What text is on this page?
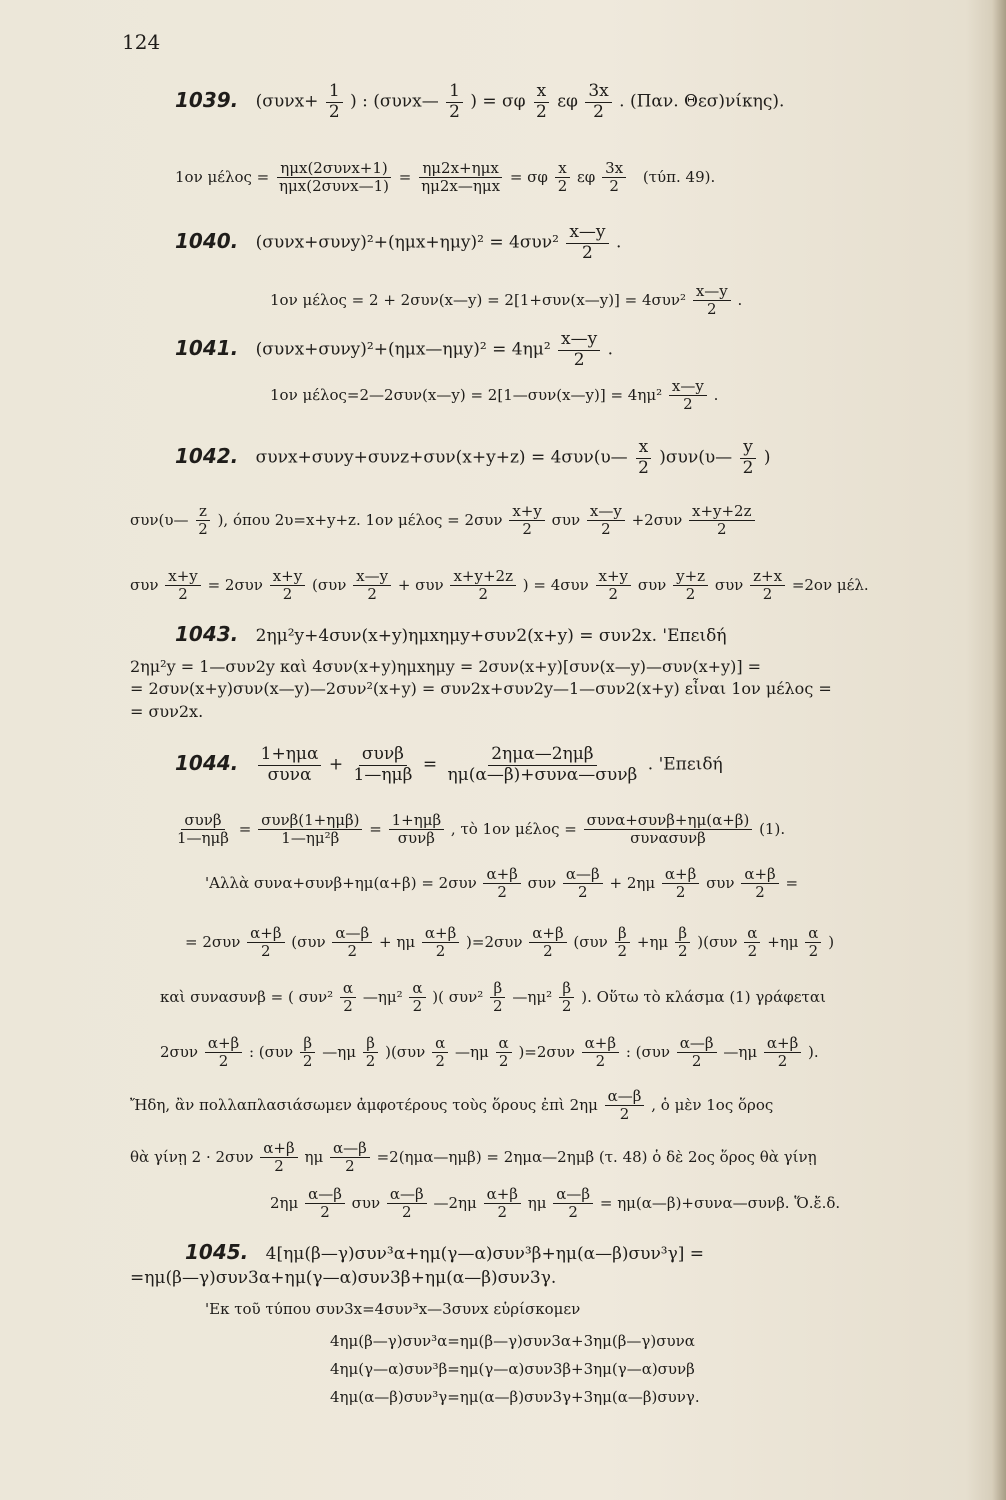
124
1039. ($\sigma\upsilon\nu x+ \frac{1}{2}$ ) : (συνx— $\frac{1}{2}$ ) = σφ $\frac{x}{2}$ εφ $\frac{3x}{2}$ . (Παν. Θεσ)νίκης).
1ον $\mu έ\lambda o\varsigma = \frac{\text{ημx(2συνx+1)}}{\text{ημx(2συνx—1)}} = \frac{\text{ημ2x+ημx}}{\text{ημ2x—ημx}} = \sigma\varphi \frac{x}{2}$ εφ $\frac{3x}{2} (\tau ύ\pi$. 49).
1040. $(\sigma\upsilon\nu x+\sigma\upsilon\nu y)^2+(\eta\mu x+\eta\mu y)^2 = 4\sigma\upsilon\nu^2 \frac{x—y}{2}$ .
1ον μέλος = 2 + 2συν(x—y) = 2[1+συν(x—y)] = $4\sigma\upsilon\nu^2 \frac{x—y}{2}$ .
1041. (συνx+συνy)²+(ημx—ημy)² = $4\eta\mu^2 \frac{x—y}{2}$ .
1ον μέλος=2—2συν(x—y) = 2[1—συν(x—y)] = $4\eta\mu^2 \frac{x—y}{2}$ .
1042. συνx+συνy+συνz+συν(x+y+z) = 4συν(υ— $\frac{x}{2}$ )συν(υ— $\frac{y}{2}$ )
συν(υ— $\frac{z}{2}$ ), όπου 2υ=x+y+z. 1ον $\mu έ\lambda o\varsigma = 2\sigma\upsilon\nu \frac{x+y}{2}$ συν $\frac{x—y}{2} +2\sigma\upsilon\nu \frac{x+y+2z}{2}$
συν $\frac{x+y}{2} = 2\sigma\upsilon\nu \frac{x+y}{2} (\sigma\upsilon\nu \frac{x—y}{2} + \sigma\upsilon\nu \frac{x+y+2z}{2}$ ) = $4\sigma\upsilon\nu \frac{x+y}{2}$ συν $\frac{y+z}{2}$ συν $\frac{z+x}{2} =2o\nu$ μέλ.
1043. 2ημ²y+4συν(x+y)ημxημy+συν2(x+y) = συν2x. 'Επειδή
2ημ²y = 1—συν2y καὶ 4συν(x+y)ημxημy = 2συν(x+y)[συν(x—y)—συν(x+y)] =
= 2συν(x+y)συν(x—y)—2συν²(x+y) = συν2x+συν2y—1—συν2(x+y) εἶναι 1ον μέλος =
= συν2x.
1044. $\frac{\text{1+ημα}}{\text{συνα}} + \frac{\text{συνβ}}{\text{1—ημβ}} = \frac{\text{2ημα—2ημβ}}{\text{ημ(α—β)+συνα—συνβ}}$ . 'Επειδή
$\frac{\text{συνβ}}{\text{1—ημβ}} = \frac{\text{συνβ(1+ημβ)}}{\text{1—ημ²β}} = \frac{\text{1+ημβ}}{\text{συνβ}}$ , τὸ 1ον $\mu έ\lambda o\varsigma = \frac{\text{συνα+συνβ+ημ(α+β)}}{\text{συνασυνβ}} (1)$.
'Αλλὰ $\sigma\upsilon\nu\alpha+\sigma\upsilon\nu\beta+\eta\mu(\alpha+\beta) = 2\sigma\upsilon\nu \frac{\alpha+\beta}{2}$ συν $\frac{\alpha—\beta}{2} + 2\eta\mu \frac{\alpha+\beta}{2}$ συν $\frac{\alpha+\beta}{2}$ =
= $2\sigma\upsilon\nu \frac{\alpha+\beta}{2} (\sigma\upsilon\nu \frac{\alpha—\beta}{2} + \eta\mu \frac{\alpha+\beta}{2} )=2\sigma\upsilon\nu \frac{\alpha+\beta}{2} (\sigma\upsilon\nu \frac{\beta}{2} +\eta\mu \frac{\beta}{2} )(\sigma\upsilon\nu \frac{\alpha}{2} +\eta\mu \frac{\alpha}{2}$ )
καὶ συνασυνβ = ( $\sigma\upsilon\nu^2 \frac{\alpha}{2}$ —ημ² $\frac{\alpha}{2}$ )( $\sigma\upsilon\nu^2 \frac{\beta}{2}$ —ημ² $\frac{\beta}{2}$ ). Οὕτω τὸ κλάσμα (1) γράφεται
$2\sigma\upsilon\nu \frac{\alpha+\beta}{2}$ : ($\sigma\upsilon\nu \frac{\beta}{2}$ —ημ $\frac{\beta}{2} )(\sigma\upsilon\nu \frac{\alpha}{2}$ —ημ $\frac{\alpha}{2} )=2\sigma\upsilon\nu \frac{\alpha+\beta}{2}$ : ($\sigma\upsilon\nu \frac{\alpha—\beta}{2}$ —ημ $\frac{\alpha+\beta}{2}$ ).
Ἤδη, ἂν πολλαπλασιάσωμεν ἀμφοτέρους τοὺς ὅρους ἐπὶ $2\eta\mu \frac{\alpha—\beta}{2}$ , ὁ μὲν 1ος ὅρος
θὰ γίνῃ $2 \cdot 2\sigma\upsilon\nu \frac{\alpha+\beta}{2}$ ημ $\frac{\alpha—\beta}{2}$ =2(ημα—ημβ) = 2ημα—2ημβ (τ. 48) ὁ δὲ 2ος ὅρος θὰ γίνῃ
$2\eta\mu \frac{\alpha—\beta}{2}$ συν $\frac{\alpha—\beta}{2}$ —2ημ $\frac{\alpha+\beta}{2}$ ημ $\frac{\alpha—\beta}{2}$ = ημ(α—β)+συνα—συνβ. Ὅ.ἔ.δ.
1045. 4[ημ(β—γ)συν³α+ημ(γ—α)συν³β+ημ(α—β)συν³γ] =
=ημ(β—γ)συν3α+ημ(γ—α)συν3β+ημ(α—β)συν3γ.
'Εκ τοῦ τύπου συν3x=4συν³x—3συνx εὑρίσκομεν
4ημ(β—γ)συν³α=ημ(β—γ)συν3α+3ημ(β—γ)συνα
4ημ(γ—α)συν³β=ημ(γ—α)συν3β+3ημ(γ—α)συνβ
4ημ(α—β)συν³γ=ημ(α—β)συν3γ+3ημ(α—β)συνγ.
